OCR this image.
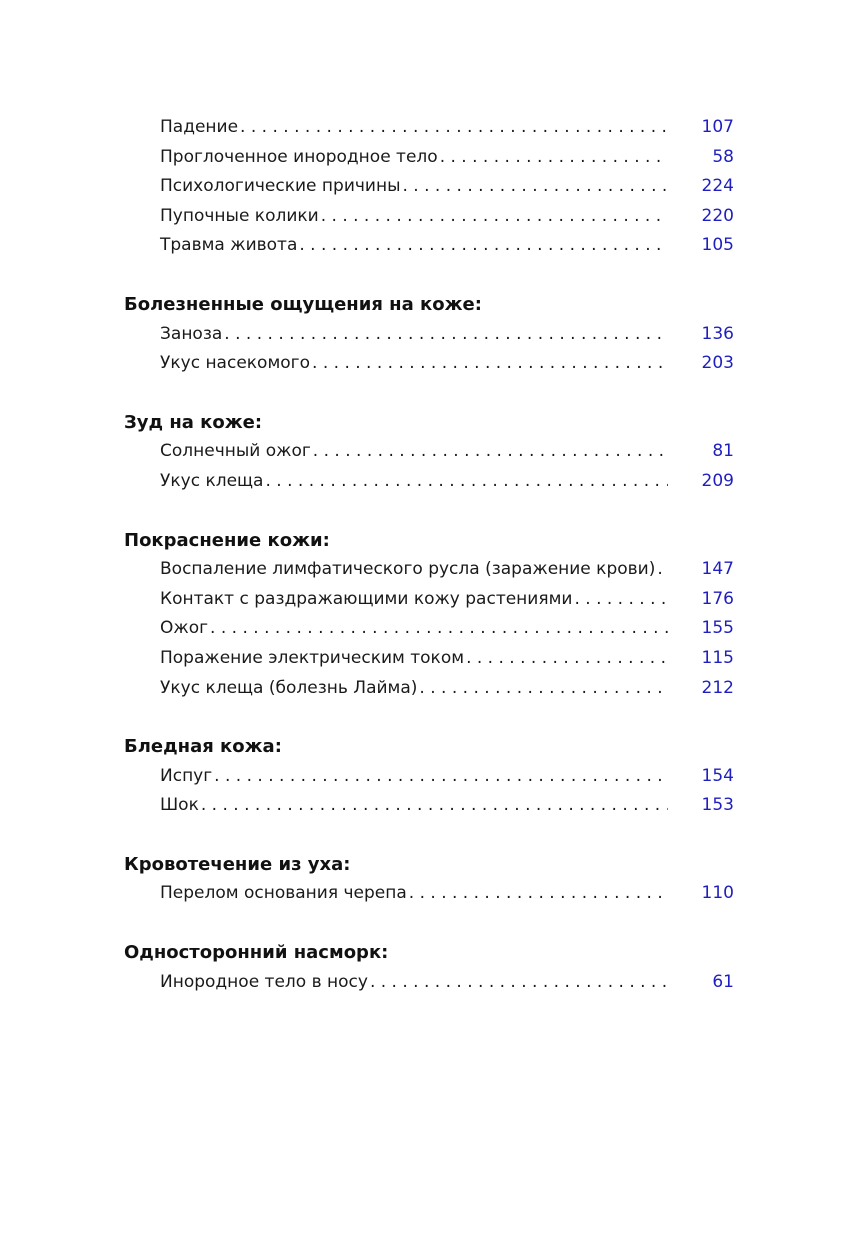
Падение . . .	107
Проглоченное инородное тело . . .	58
Психологические причины . . .	224
Пупочные колики . . .	220
Травма живота . . .	105
Болезненные ощущения на коже:
Заноза . . .	136
Укус насекомого . . .	203
Зуд на коже:
Солнечный ожог . . .	81
Укус клеща . . .	209
Покраснение кожи:
Воспаление лимфатического русла (заражение крови) . . .	147
Контакт с раздражающими кожу растениями . . .	176
Ожог . . .	155
Поражение электрическим током . . .	115
Укус клеща (болезнь Лайма) . . .	212
Бледная кожа:
Испуг . . .	154
Шок . . .	153
Кровотечение из уха:
Перелом основания черепа . . .	110
Односторонний насморк:
Инородное тело в носу . . .	61
